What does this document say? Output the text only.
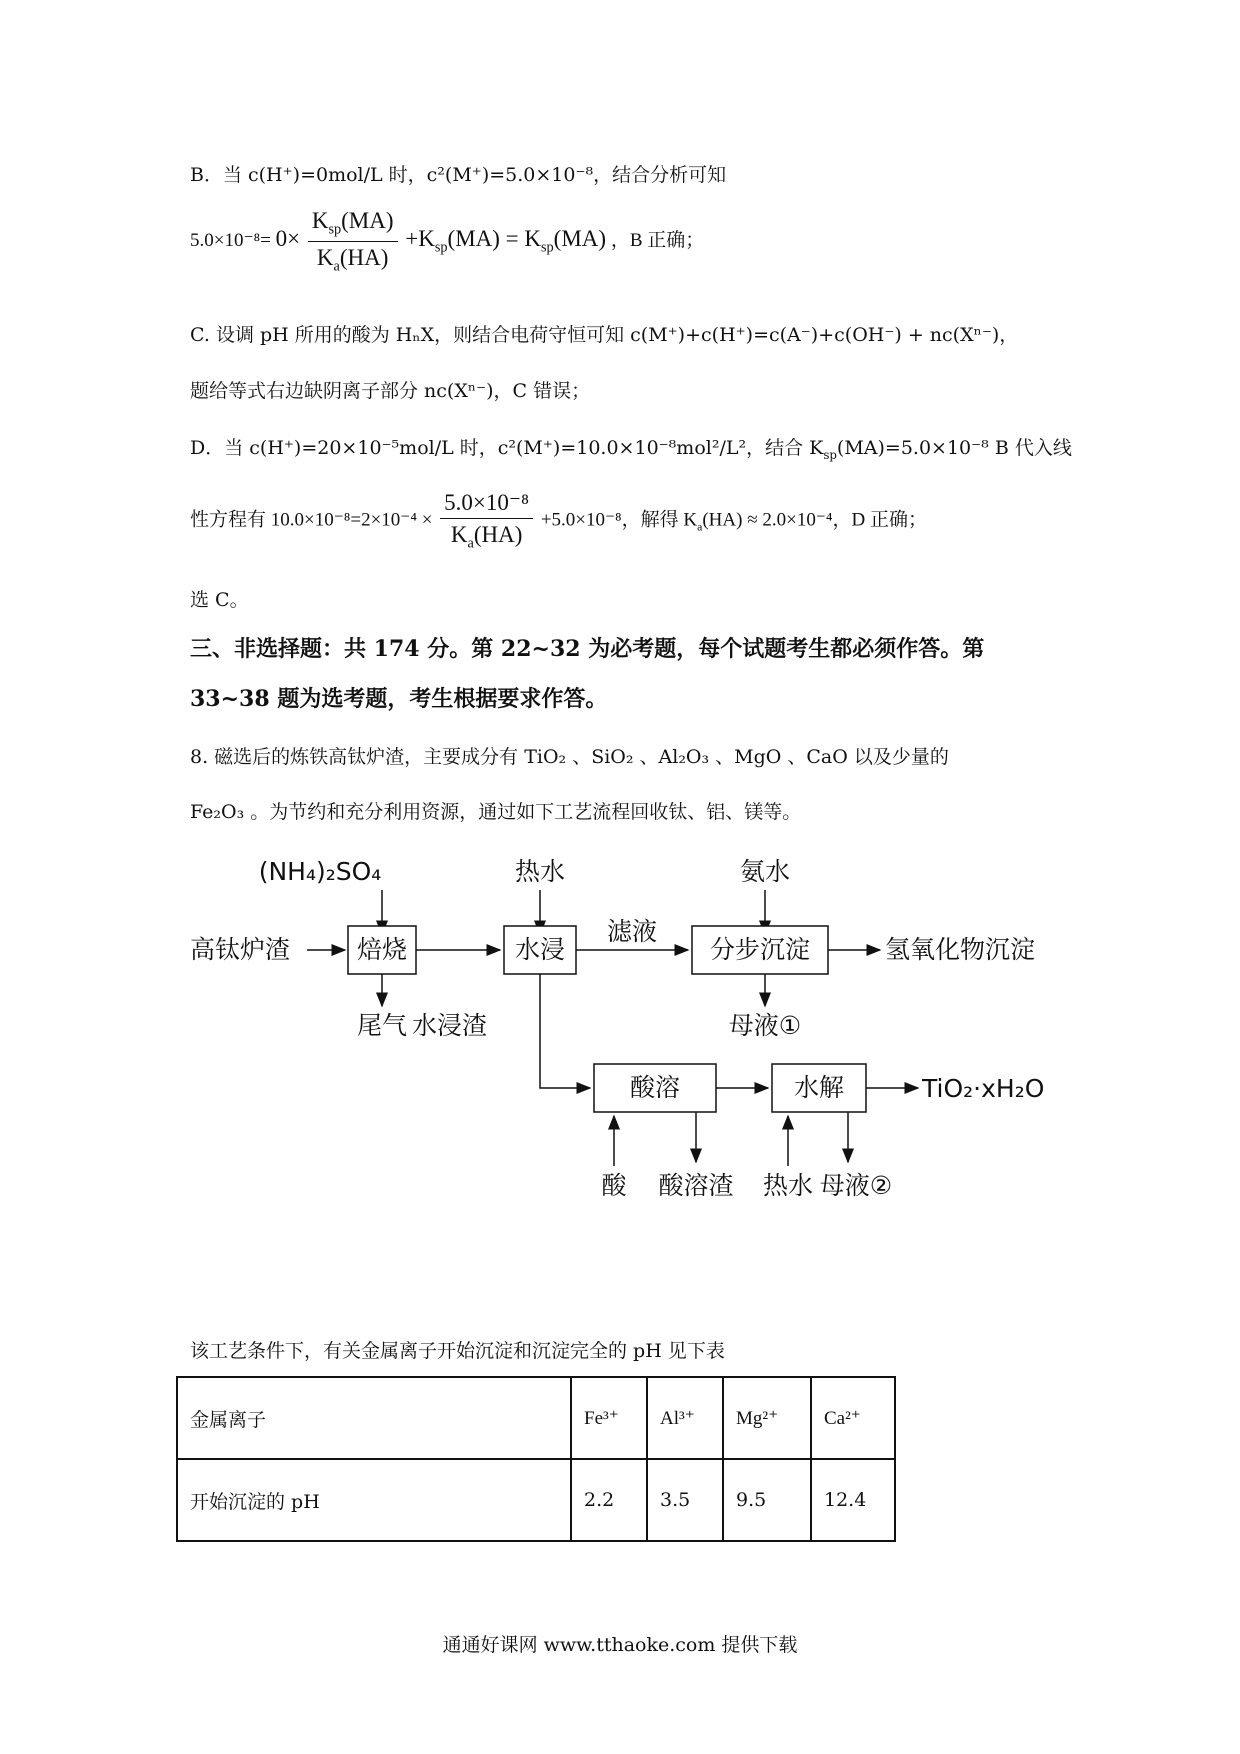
B．当 c(H⁺)=0mol/L 时，c²(M⁺)=5.0×10⁻⁸，结合分析可知
$5.0\times 10^{-8}= 0\times \frac{K_{sp}(MA)}{K_a(HA)} +K_{sp}(MA) = K_{sp}(MA)$ ，B 正确；
C. 设调 pH 所用的酸为 HₙX，则结合电荷守恒可知 c(M⁺)+c(H⁺)=c(A⁻)+c(OH⁻) + nc(Xⁿ⁻)，
题给等式右边缺阴离子部分 nc(Xⁿ⁻)，C 错误；
D．当 c(H⁺)=20×10⁻⁵mol/L 时，c²(M⁺)=10.0×10⁻⁸mol²/L²，结合 $K_{sp}(MA)=5.0\times 10^{-8}$ B 代入线
性方程有 $10.0\times 10^{-8}=2\times 10^{-4} \times \frac{\text{5.0×10⁻⁸}}{K_a(HA)} +5.0\times 10^{-8}$，解得 $K_a(HA) \approx 2.0\times 10^{-4}$，D 正确；
选 C。
三、非选择题：共 174 分。第 22~32 为必考题，每个试题考生都必须作答。第
33~38 题为选考题，考生根据要求作答。
8. 磁选后的炼铁高钛炉渣，主要成分有 TiO₂ 、SiO₂ 、Al₂O₃ 、MgO 、CaO 以及少量的
Fe₂O₃ 。为节约和充分利用资源，通过如下工艺流程回收钛、铝、镁等。
(NH₄)₂SO₄	热水	氨水
高钛炉渣	焙烧	水浸
滤液
分步沉淀	氢氧化物沉淀
尾气	母液①
水浸渣
酸溶	水解	TiO₂·xH₂O
酸 酸溶渣 热水 母液②
该工艺条件下，有关金属离子开始沉淀和沉淀完全的 pH 见下表
金属离子	Fe³⁺	Al³⁺	Mg²⁺	Ca²⁺
开始沉淀的 pH	2.2	3.5	9.5	12.4
通通好课网 www.tthaoke.com 提供下载
